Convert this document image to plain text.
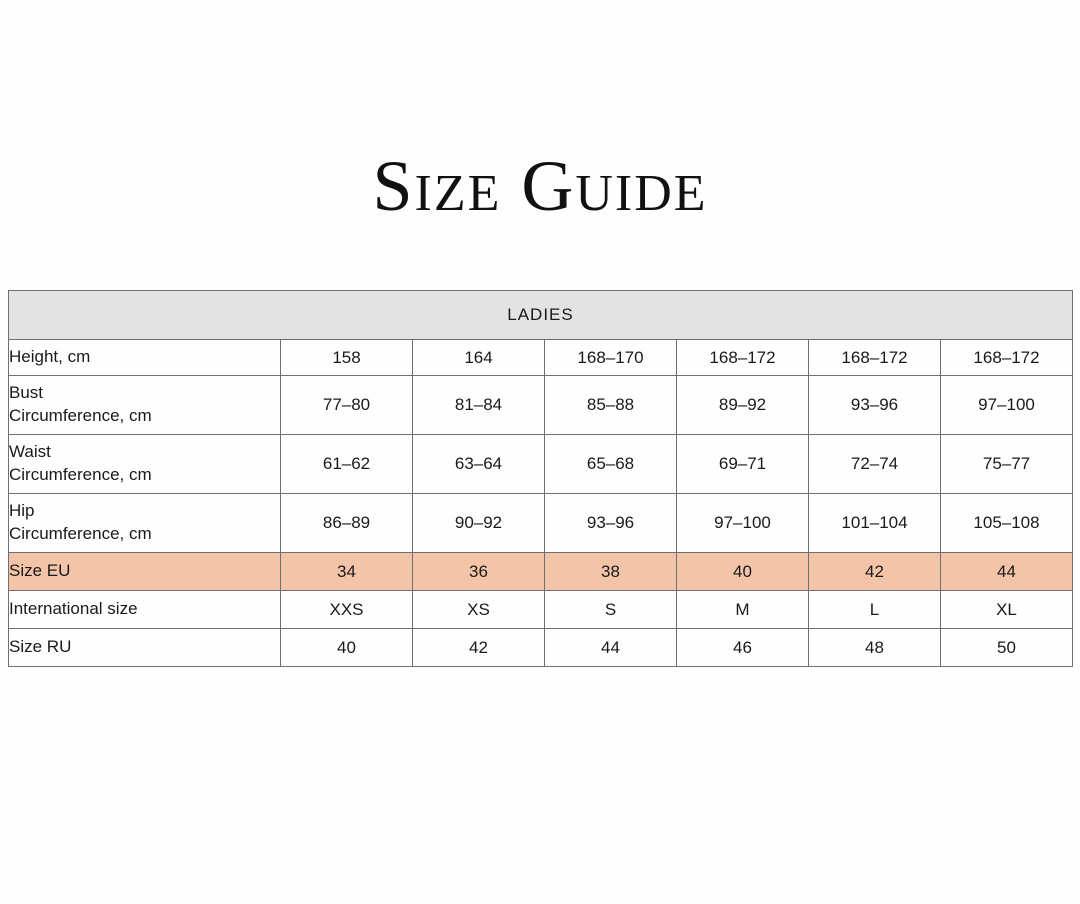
SIZE GUIDE
LADIES						
Height, cm	158	164	168–170	168–172	168–172	168–172

Bust
Circumference, cm	77–80	81–84	85–88	89–92	93–96	97–100

Waist
Circumference, cm	61–62	63–64	65–68	69–71	72–74	75–77

Hip
Circumference, cm	86–89	90–92	93–96	97–100	101–104	105–108
Size EU	34	36	38	40	42	44
International size	XXS	XS	S	M	L	XL
Size RU	40	42	44	46	48	50
